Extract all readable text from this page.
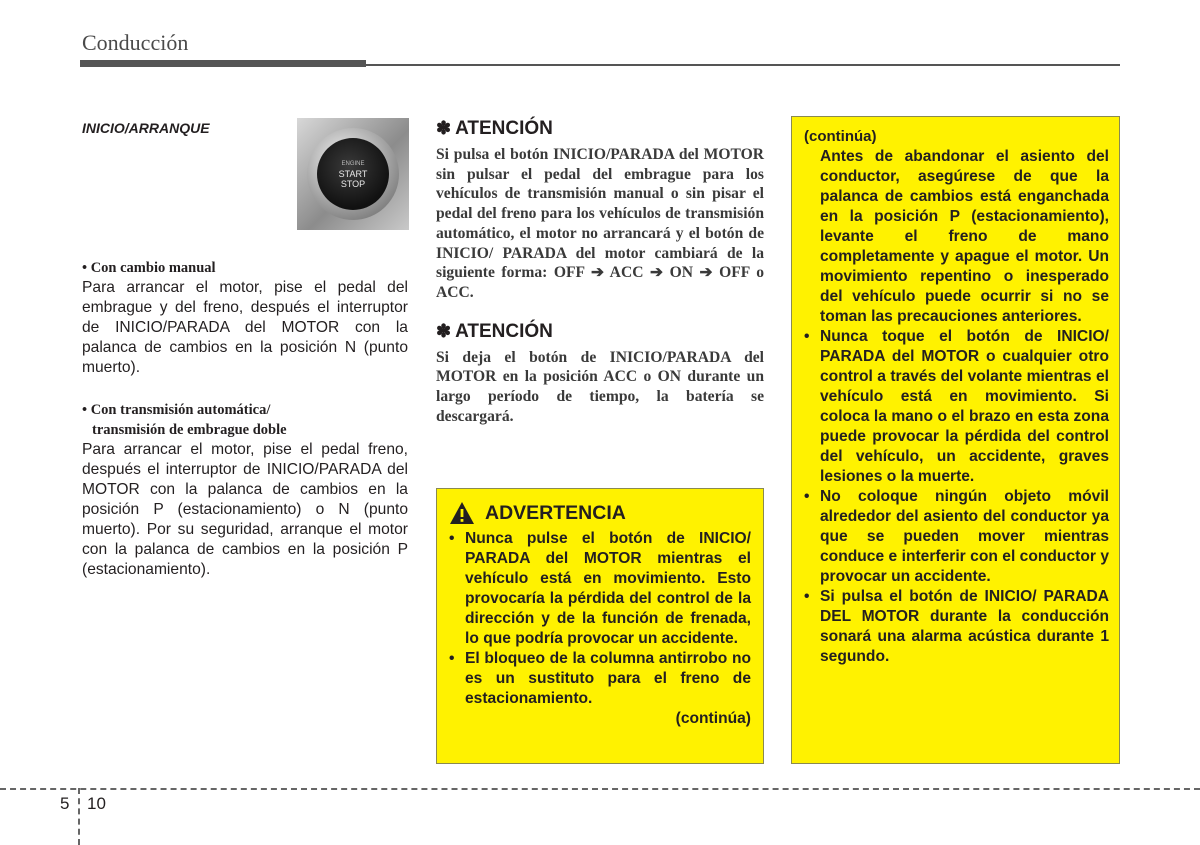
Conducción
INICIO/ARRANQUE
ENGINE
START
STOP
• Con cambio manual

Para arrancar el motor, pise el pedal del embrague y del freno, después el interruptor de INICIO/PARADA del MOTOR con la palanca de cambios en la posición N (punto muerto).

• Con transmisión automática/
transmisión de embrague doble

Para arrancar el motor, pise el pedal freno, después el interruptor de INICIO/PARADA del MOTOR con la palanca de cambios en la posición P (estacionamiento) o N (punto muerto). Por su seguridad, arranque el motor con la palanca de cambios en la posición P (estacionamiento).

✽ ATENCIÓN

Si pulsa el botón INICIO/PARADA del MOTOR sin pulsar el pedal del embrague para los vehículos de transmisión manual o sin pisar el pedal del freno para los vehículos de transmisión automático, el motor no arrancará y el botón de INICIO/ PARADA del motor cambiará de la siguiente forma: OFF ➔ ACC ➔ ON ➔ OFF o ACC.

✽ ATENCIÓN

Si deja el botón de INICIO/PARADA del MOTOR en la posición ACC o ON durante un largo período de tiempo, la batería se descargará.

ADVERTENCIA
• Nunca pulse el botón de INICIO/ PARADA del MOTOR mientras el vehículo está en movimiento. Esto provocaría la pérdida del control de la dirección y de la función de frenada, lo que podría provocar un accidente.
• El bloqueo de la columna antirrobo no es un sustituto para el freno de estacionamiento.
(continúa)
(continúa)

Antes de abandonar el asiento del conductor, asegúrese de que la palanca de cambios está enganchada en la posición P (estacionamiento), levante el freno de mano completamente y apague el motor. Un movimiento repentino o inesperado del vehículo puede ocurrir si no se toman las precauciones anteriores.

• Nunca toque el botón de INICIO/ PARADA del MOTOR o cualquier otro control a través del volante mientras el vehículo está en movimiento. Si coloca la mano o el brazo en esta zona puede provocar la pérdida del control del vehículo, un accidente, graves lesiones o la muerte.
• No coloque ningún objeto móvil alrededor del asiento del conductor ya que se pueden mover mientras conduce e interferir con el conductor y provocar un accidente.
• Si pulsa el botón de INICIO/ PARADA DEL MOTOR durante la conducción sonará una alarma acústica durante 1 segundo.
5 10
